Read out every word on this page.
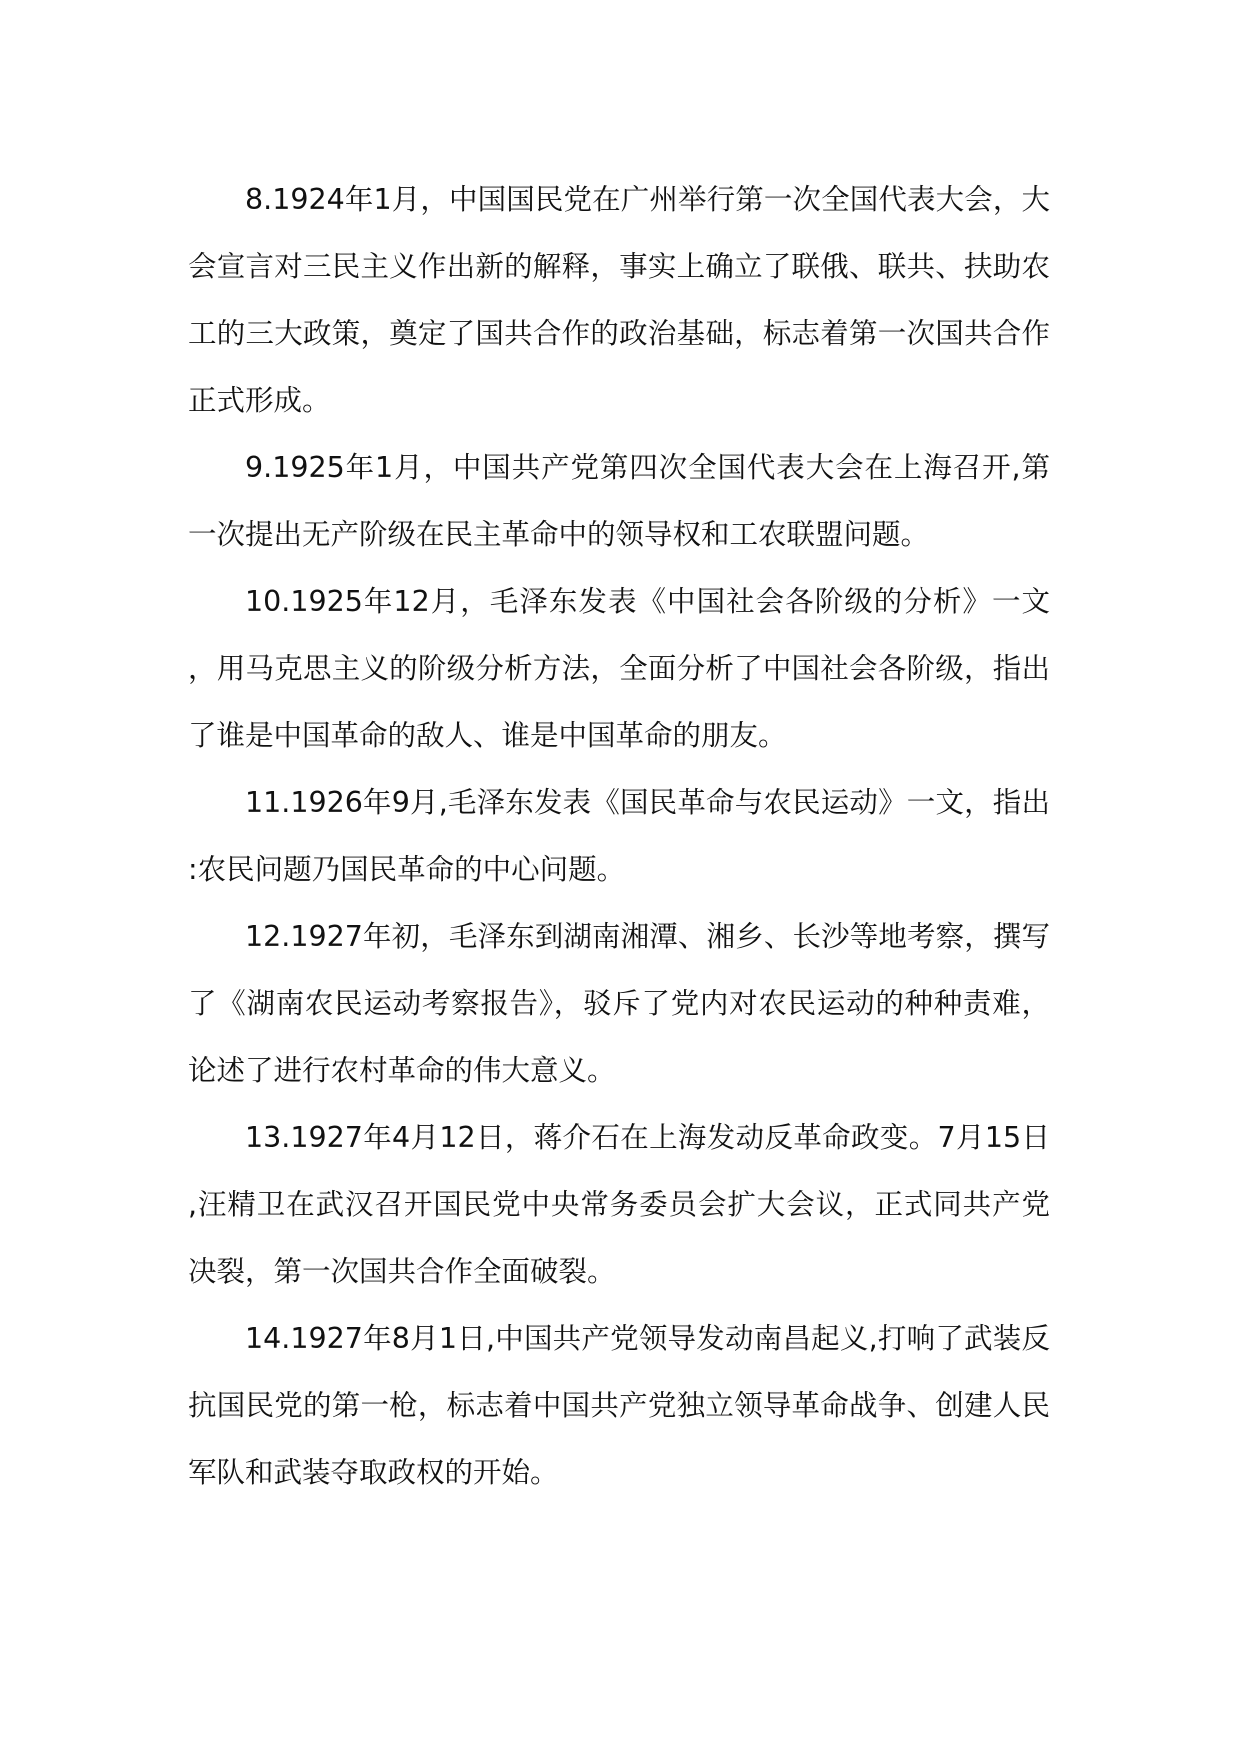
8.1924年1月，中国国民党在广州举行第一次全国代表大会，大会宣言对三民主义作出新的解释，事实上确立了联俄、联共、扶助农工的三大政策，奠定了国共合作的政治基础，标志着第一次国共合作正式形成。

9.1925年1月，中国共产党第四次全国代表大会在上海召开,第一次提出无产阶级在民主革命中的领导权和工农联盟问题。

10.1925年12月，毛泽东发表《中国社会各阶级的分析》一文，用马克思主义的阶级分析方法，全面分析了中国社会各阶级，指出了谁是中国革命的敌人、谁是中国革命的朋友。

11.1926年9月,毛泽东发表《国民革命与农民运动》一文，指出:农民问题乃国民革命的中心问题。

12.1927年初，毛泽东到湖南湘潭、湘乡、长沙等地考察，撰写了《湖南农民运动考察报告》，驳斥了党内对农民运动的种种责难，论述了进行农村革命的伟大意义。

13.1927年4月12日，蒋介石在上海发动反革命政变。7月15日,汪精卫在武汉召开国民党中央常务委员会扩大会议，正式同共产党决裂，第一次国共合作全面破裂。

14.1927年8月1日,中国共产党领导发动南昌起义,打响了武装反抗国民党的第一枪，标志着中国共产党独立领导革命战争、创建人民军队和武装夺取政权的开始。
